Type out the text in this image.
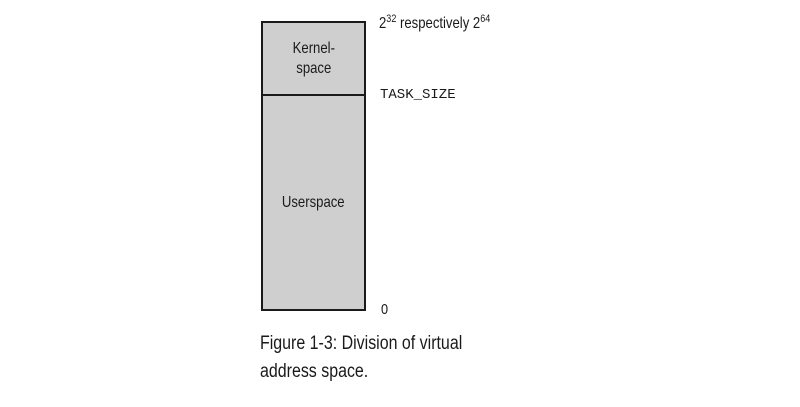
Kernel-
space
Userspace
$2^{32}$ respectively $2^{64}$
TASK_SIZE
0
Figure 1-3: Division of virtual
address space.
